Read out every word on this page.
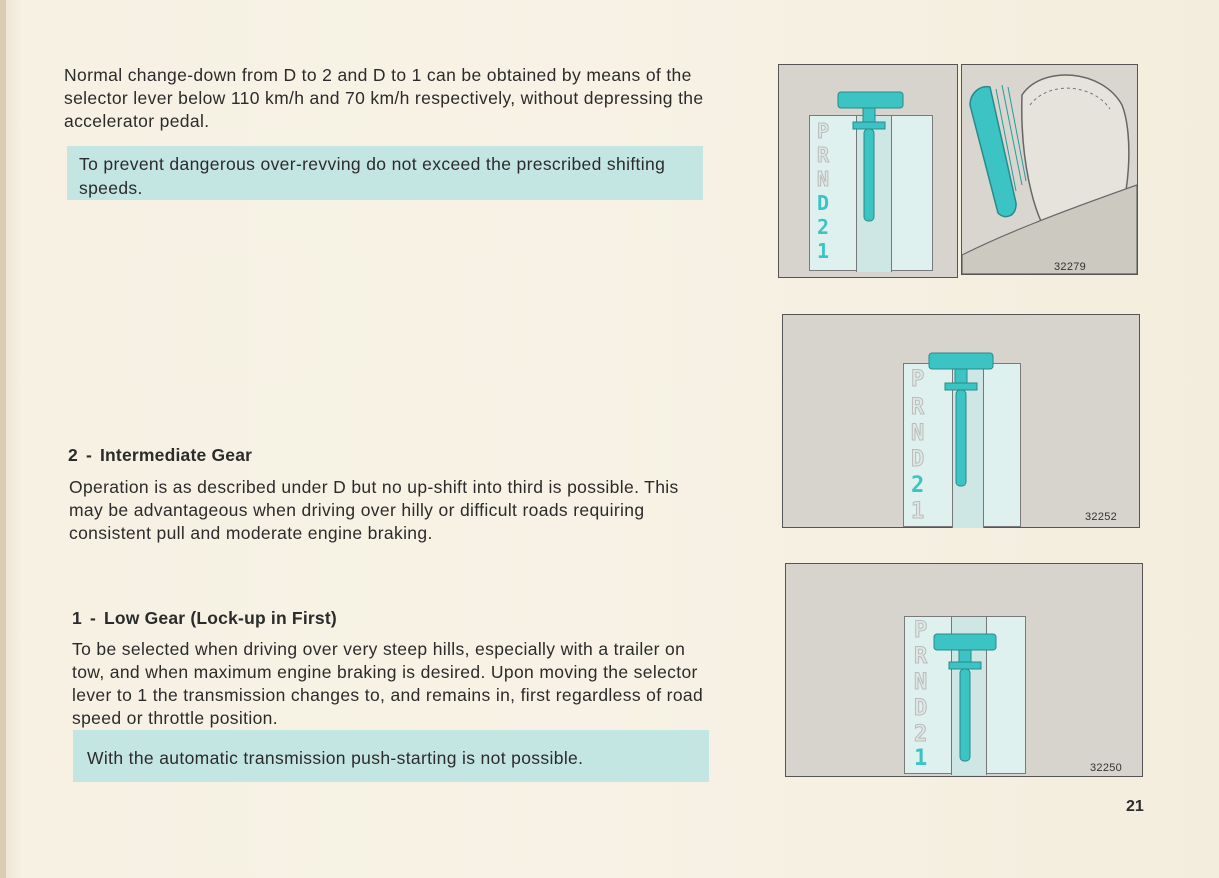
Normal change-down from D to 2 and D to 1 can be obtained by means of the selector lever below 110 km/h and 70 km/h respectively, without depressing the accelerator pedal.
To prevent dangerous over-revving do not exceed the prescribed shifting speeds.
2 - Intermediate Gear
Operation is as described under D but no up-shift into third is possible. This may be advantageous when driving over hilly or difficult roads requiring consistent pull and moderate engine braking.
1 - Low Gear (Lock-up in First)
To be selected when driving over very steep hills, especially with a trailer on tow, and when maximum engine braking is desired. Upon moving the selector lever to 1 the transmission changes to, and remains in, first regardless of road speed or throttle position.
With the automatic transmission push-starting is not possible.
P
R
N
D
2
1
32279
P
R
N
D
2
1	32252
P
R
N
D
2
1	32250
21
